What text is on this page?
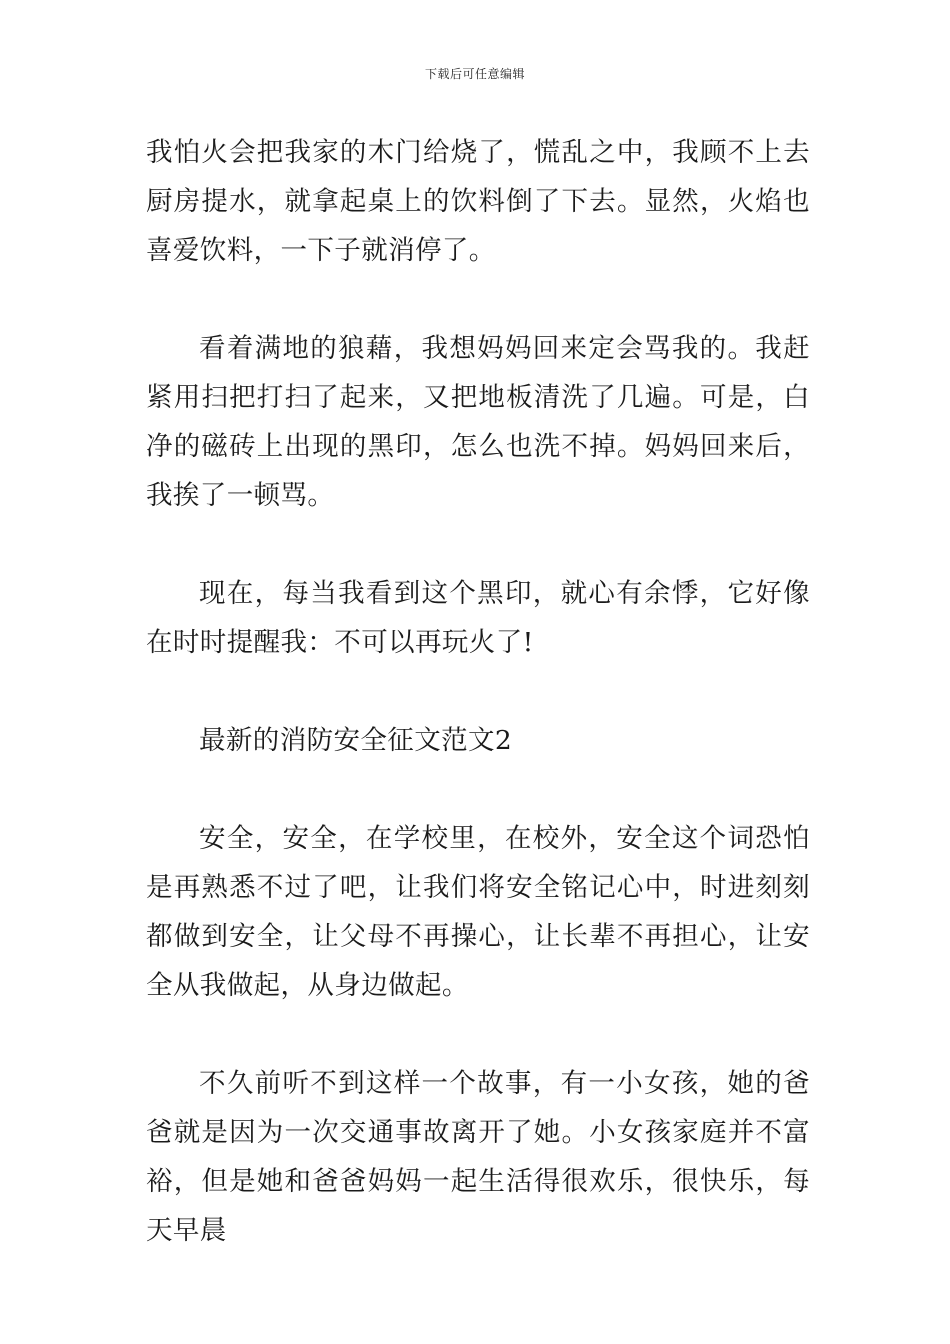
下载后可任意编辑

我怕火会把我家的木门给烧了，慌乱之中，我顾不上去厨房提水，就拿起桌上的饮料倒了下去。显然，火焰也喜爱饮料，一下子就消停了。

看着满地的狼藉，我想妈妈回来定会骂我的。我赶紧用扫把打扫了起来，又把地板清洗了几遍。可是，白净的磁砖上出现的黑印，怎么也洗不掉。妈妈回来后，我挨了一顿骂。

现在，每当我看到这个黑印，就心有余悸，它好像在时时提醒我：不可以再玩火了!

最新的消防安全征文范文2

安全，安全，在学校里，在校外，安全这个词恐怕是再熟悉不过了吧，让我们将安全铭记心中，时进刻刻都做到安全，让父母不再操心，让长辈不再担心，让安全从我做起，从身边做起。

不久前听不到这样一个故事，有一小女孩，她的爸爸就是因为一次交通事故离开了她。小女孩家庭并不富裕，但是她和爸爸妈妈一起生活得很欢乐，很快乐，每天早晨
